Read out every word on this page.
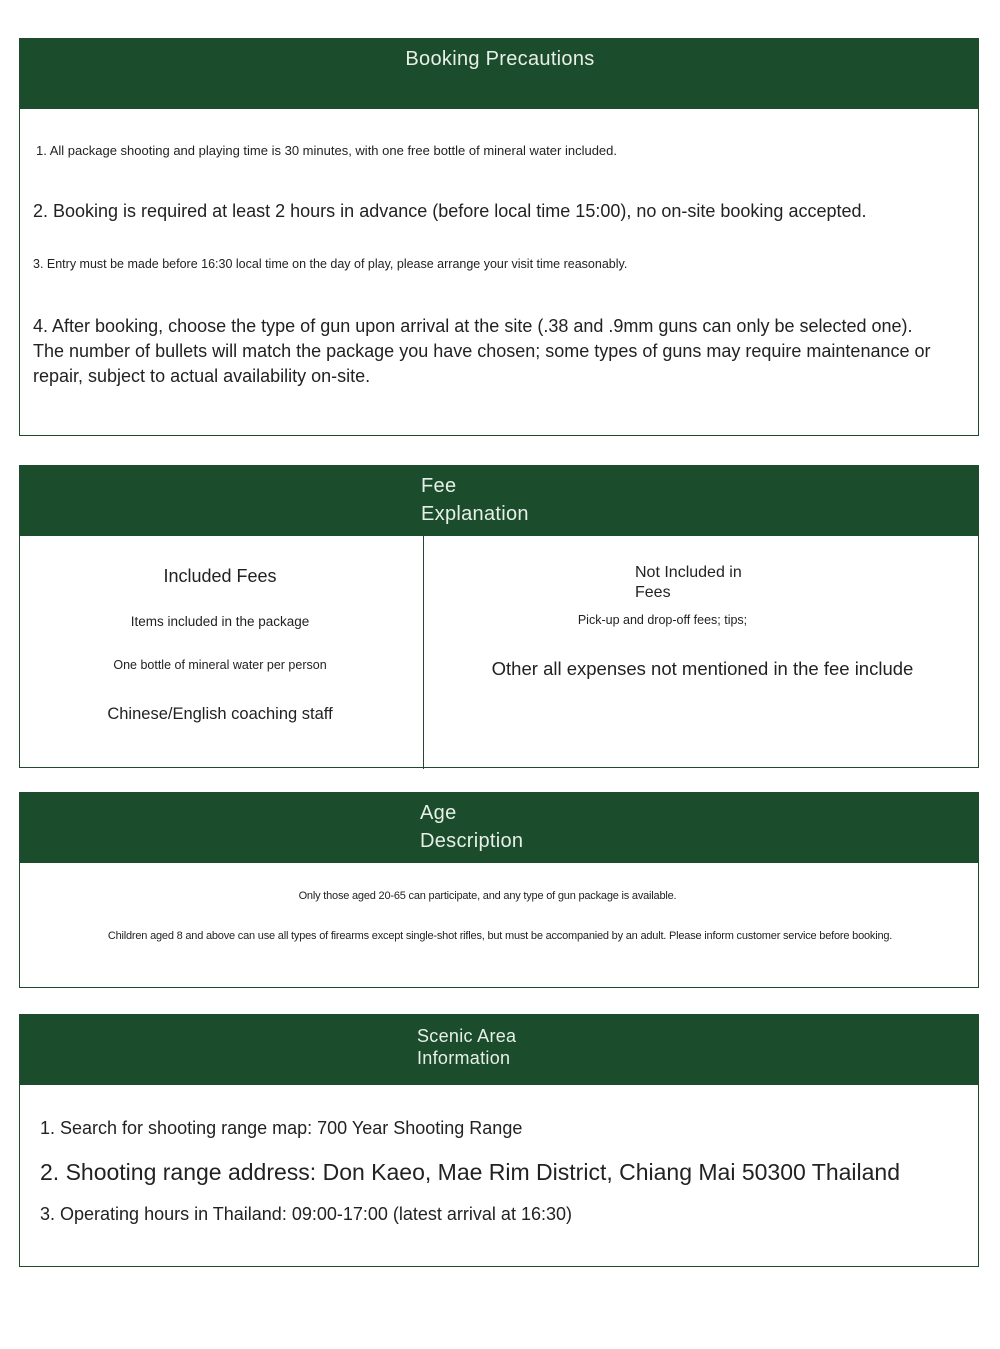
Booking Precautions
1. All package shooting and playing time is 30 minutes, with one free bottle of mineral water included.
2. Booking is required at least 2 hours in advance (before local time 15:00), no on-site booking accepted.
3. Entry must be made before 16:30 local time on the day of play, please arrange your visit time reasonably.
4. After booking, choose the type of gun upon arrival at the site (.38 and .9mm guns can only be selected one). The number of bullets will match the package you have chosen; some types of guns may require maintenance or repair, subject to actual availability on-site.
Fee
Explanation
Included Fees
Items included in the package
One bottle of mineral water per person
Chinese/English coaching staff
Not Included in
Fees
Pick-up and drop-off fees; tips;
Other all expenses not mentioned in the fee include
Age
Description
Only those aged 20-65 can participate, and any type of gun package is available.
Children aged 8 and above can use all types of firearms except single-shot rifles, but must be accompanied by an adult. Please inform customer service before booking.
Scenic Area
Information
1. Search for shooting range map: 700 Year Shooting Range
2. Shooting range address: Don Kaeo, Mae Rim District, Chiang Mai 50300 Thailand
3. Operating hours in Thailand: 09:00-17:00 (latest arrival at 16:30)
